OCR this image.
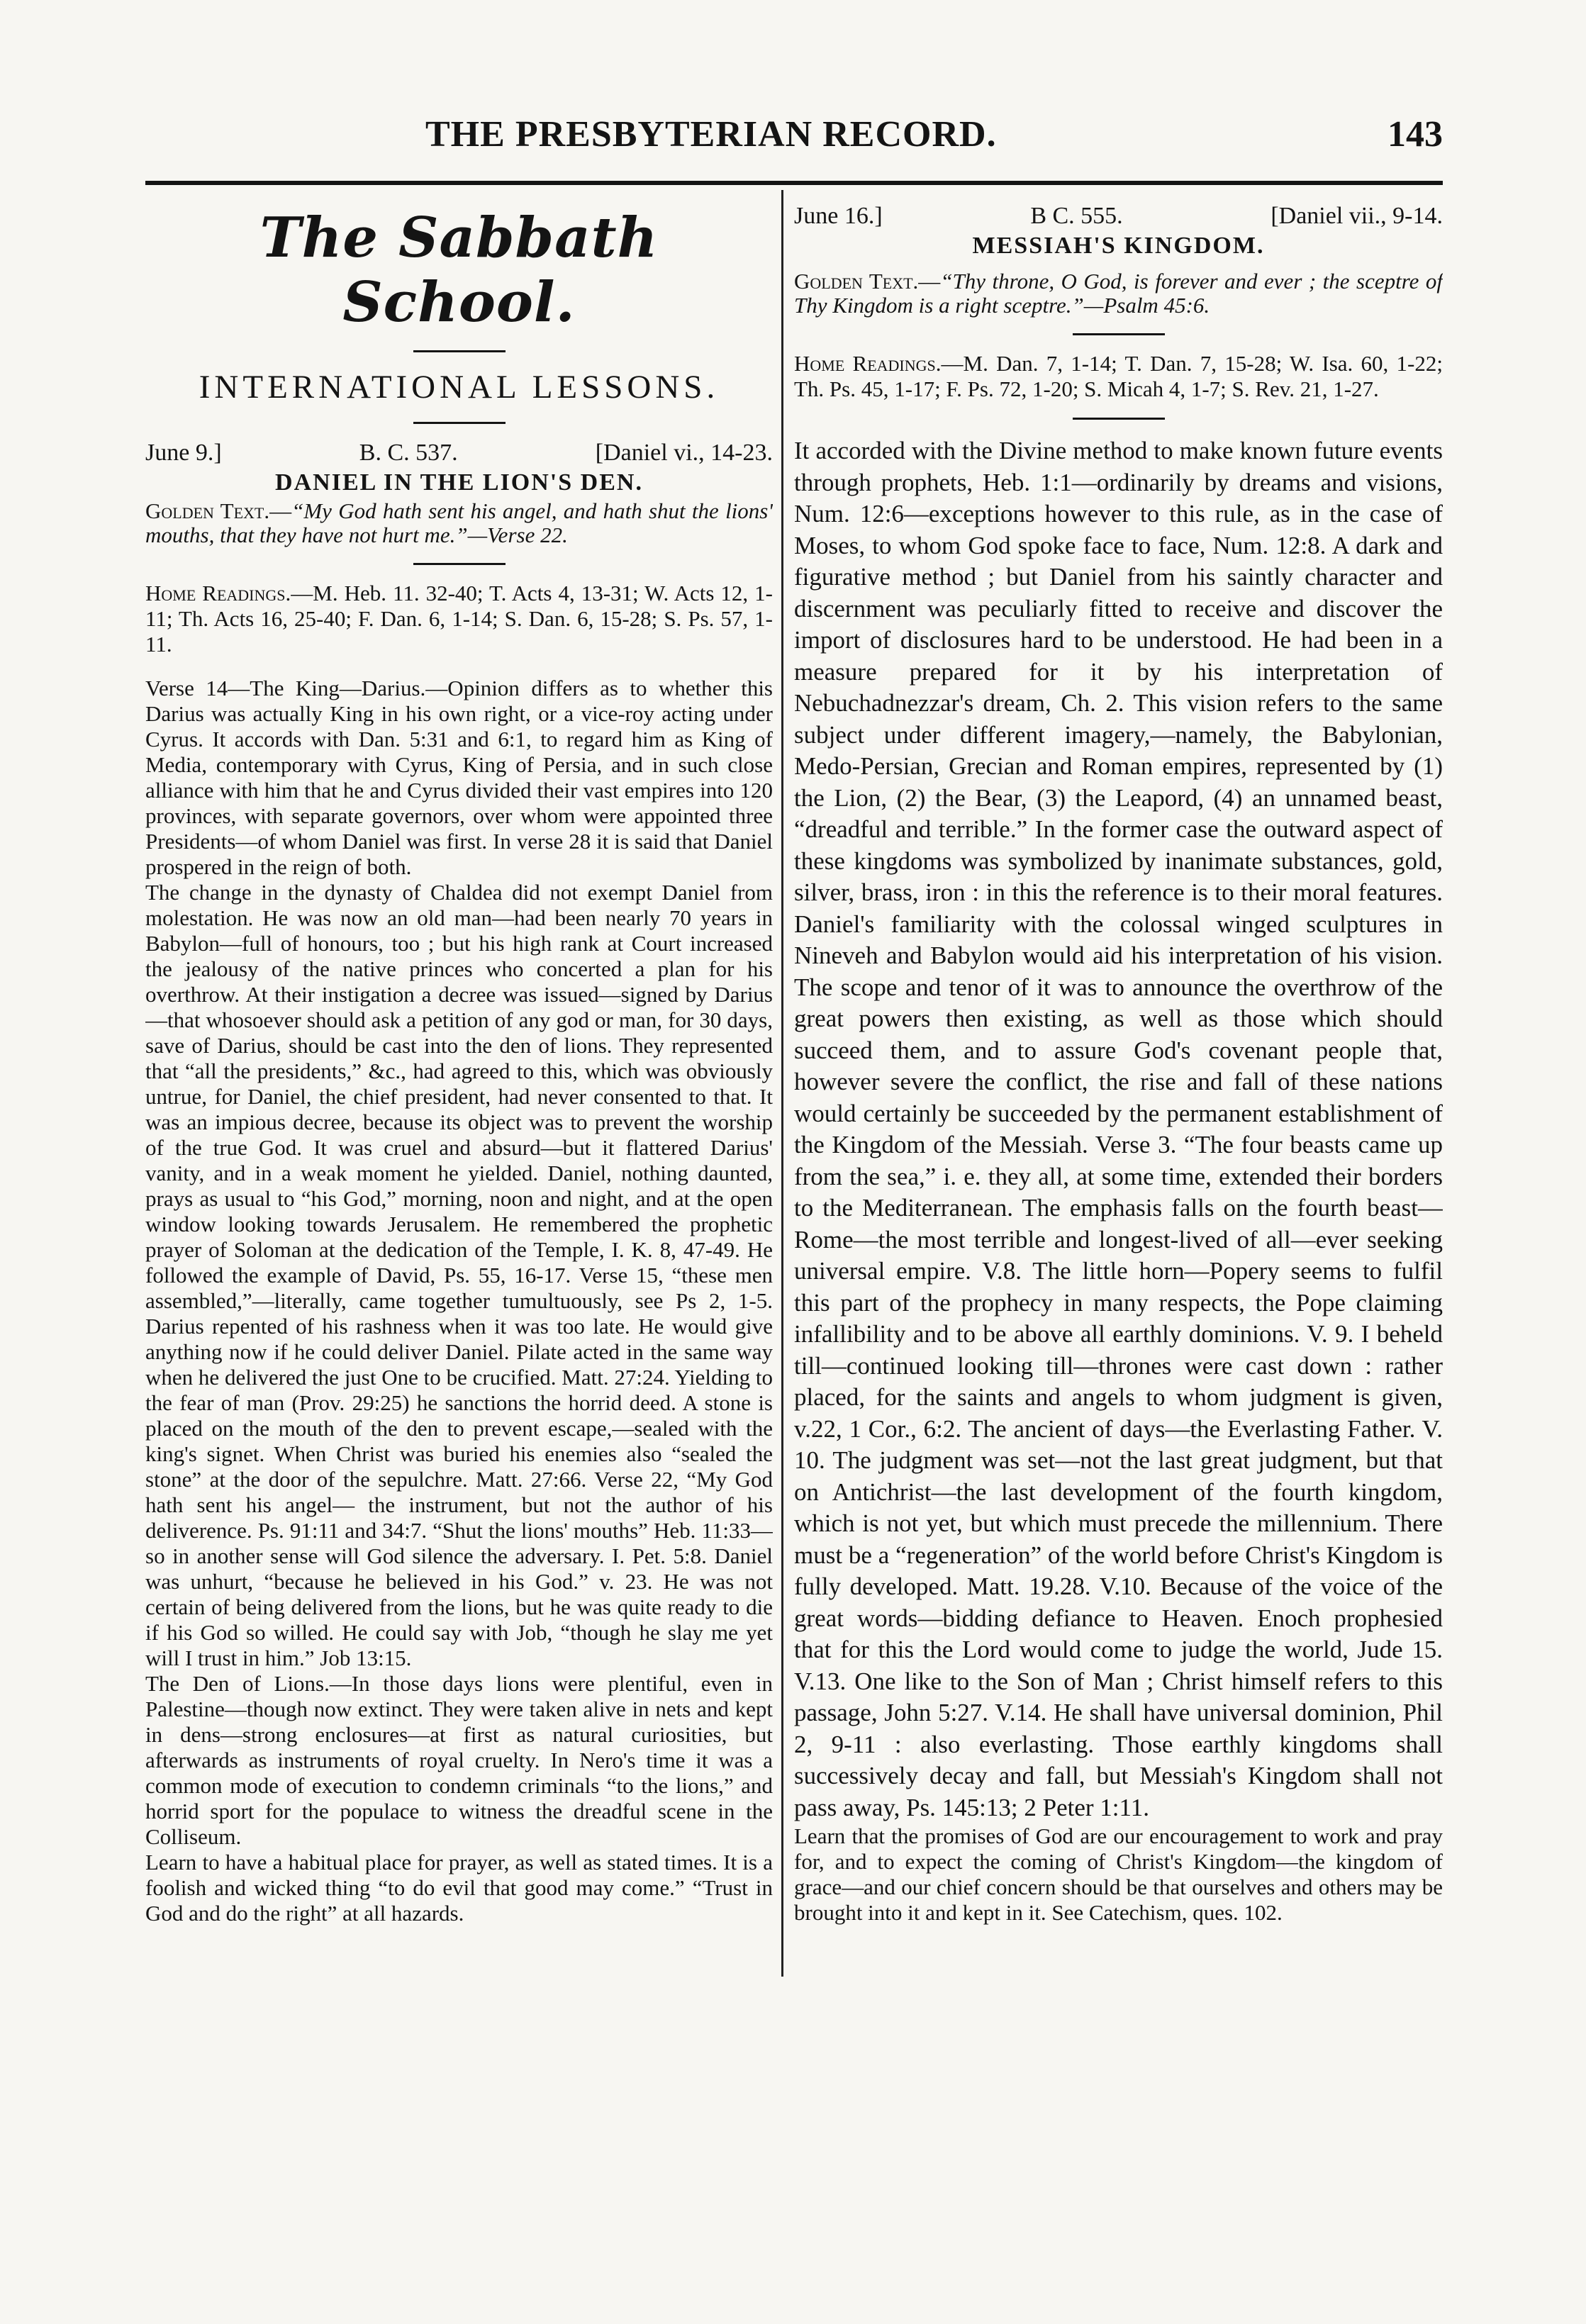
THE PRESBYTERIAN RECORD.	143
The Sabbath School.
INTERNATIONAL LESSONS.
June 9.]	B. C. 537.	[Daniel vi., 14-23.
DANIEL IN THE LION'S DEN.

Golden Text.—“My God hath sent his angel, and hath shut the lions' mouths, that they have not hurt me.”—Verse 22.

Home Readings.—M. Heb. 11. 32-40; T. Acts 4, 13-31; W. Acts 12, 1-11; Th. Acts 16, 25-40; F. Dan. 6, 1-14; S. Dan. 6, 15-28; S. Ps. 57, 1-11.

Verse 14—The King—Darius.—Opinion differs as to whether this Darius was actually King in his own right, or a vice-roy acting under Cyrus. It accords with Dan. 5:31 and 6:1, to regard him as King of Media, contemporary with Cyrus, King of Persia, and in such close alliance with him that he and Cyrus divided their vast empires into 120 provinces, with separate governors, over whom were appointed three Presidents—of whom Daniel was first. In verse 28 it is said that Daniel prospered in the reign of both.

The change in the dynasty of Chaldea did not exempt Daniel from molestation. He was now an old man—had been nearly 70 years in Babylon—full of honours, too ; but his high rank at Court increased the jealousy of the native princes who concerted a plan for his overthrow. At their instigation a decree was issued—signed by Darius—that whosoever should ask a petition of any god or man, for 30 days, save of Darius, should be cast into the den of lions. They represented that “all the presidents,” &c., had agreed to this, which was obviously untrue, for Daniel, the chief president, had never consented to that. It was an impious decree, because its object was to prevent the worship of the true God. It was cruel and absurd—but it flattered Darius' vanity, and in a weak moment he yielded. Daniel, nothing daunted, prays as usual to “his God,” morning, noon and night, and at the open window looking towards Jerusalem. He remembered the prophetic prayer of Soloman at the dedication of the Temple, I. K. 8, 47-49. He followed the example of David, Ps. 55, 16-17. Verse 15, “these men assembled,”—literally, came together tumultuously, see Ps 2, 1-5. Darius repented of his rashness when it was too late. He would give anything now if he could deliver Daniel. Pilate acted in the same way when he delivered the just One to be crucified. Matt. 27:24. Yielding to the fear of man (Prov. 29:25) he sanctions the horrid deed. A stone is placed on the mouth of the den to prevent escape,—sealed with the king's signet. When Christ was buried his enemies also “sealed the stone” at the door of the sepulchre. Matt. 27:66. Verse 22, “My God hath sent his angel— the instrument, but not the author of his deliverence. Ps. 91:11 and 34:7. “Shut the lions' mouths” Heb. 11:33—so in another sense will God silence the adversary. I. Pet. 5:8. Daniel was unhurt, “because he believed in his God.” v. 23. He was not certain of being delivered from the lions, but he was quite ready to die if his God so willed. He could say with Job, “though he slay me yet will I trust in him.” Job 13:15.

The Den of Lions.—In those days lions were plentiful, even in Palestine—though now extinct. They were taken alive in nets and kept in dens—strong enclosures—at first as natural curiosities, but afterwards as instruments of royal cruelty. In Nero's time it was a common mode of execution to condemn criminals “to the lions,” and horrid sport for the populace to witness the dreadful scene in the Colliseum.

Learn to have a habitual place for prayer, as well as stated times. It is a foolish and wicked thing “to do evil that good may come.” “Trust in God and do the right” at all hazards.

June 16.]	B C. 555.	[Daniel vii., 9-14.
MESSIAH'S KINGDOM.

Golden Text.—“Thy throne, O God, is forever and ever ; the sceptre of Thy Kingdom is a right sceptre.”—Psalm 45:6.

Home Readings.—M. Dan. 7, 1-14; T. Dan. 7, 15-28; W. Isa. 60, 1-22; Th. Ps. 45, 1-17; F. Ps. 72, 1-20; S. Micah 4, 1-7; S. Rev. 21, 1-27.

It accorded with the Divine method to make known future events through prophets, Heb. 1:1—ordinarily by dreams and visions, Num. 12:6—exceptions however to this rule, as in the case of Moses, to whom God spoke face to face, Num. 12:8. A dark and figurative method ; but Daniel from his saintly character and discernment was peculiarly fitted to receive and discover the import of disclosures hard to be understood. He had been in a measure prepared for it by his interpretation of Nebuchadnezzar's dream, Ch. 2. This vision refers to the same subject under different imagery,—namely, the Babylonian, Medo-Persian, Grecian and Roman empires, represented by (1) the Lion, (2) the Bear, (3) the Leapord, (4) an unnamed beast, “dreadful and terrible.” In the former case the outward aspect of these kingdoms was symbolized by inanimate substances, gold, silver, brass, iron : in this the reference is to their moral features. Daniel's familiarity with the colossal winged sculptures in Nineveh and Babylon would aid his interpretation of his vision. The scope and tenor of it was to announce the overthrow of the great powers then existing, as well as those which should succeed them, and to assure God's covenant people that, however severe the conflict, the rise and fall of these nations would certainly be succeeded by the permanent establishment of the Kingdom of the Messiah. Verse 3. “The four beasts came up from the sea,” i. e. they all, at some time, extended their borders to the Mediterranean. The emphasis falls on the fourth beast—Rome—the most terrible and longest-lived of all—ever seeking universal empire. V.8. The little horn—Popery seems to fulfil this part of the prophecy in many respects, the Pope claiming infallibility and to be above all earthly dominions. V. 9. I beheld till—continued looking till—thrones were cast down : rather placed, for the saints and angels to whom judgment is given, v.22, 1 Cor., 6:2. The ancient of days—the Everlasting Father. V. 10. The judgment was set—not the last great judgment, but that on Antichrist—the last development of the fourth kingdom, which is not yet, but which must precede the millennium. There must be a “regeneration” of the world before Christ's Kingdom is fully developed. Matt. 19.28. V.10. Because of the voice of the great words—bidding defiance to Heaven. Enoch prophesied that for this the Lord would come to judge the world, Jude 15. V.13. One like to the Son of Man ; Christ himself refers to this passage, John 5:27. V.14. He shall have universal dominion, Phil 2, 9-11 : also everlasting. Those earthly kingdoms shall successively decay and fall, but Messiah's Kingdom shall not pass away, Ps. 145:13; 2 Peter 1:11.

Learn that the promises of God are our encouragement to work and pray for, and to expect the coming of Christ's Kingdom—the kingdom of grace—and our chief concern should be that ourselves and others may be brought into it and kept in it. See Catechism, ques. 102.
